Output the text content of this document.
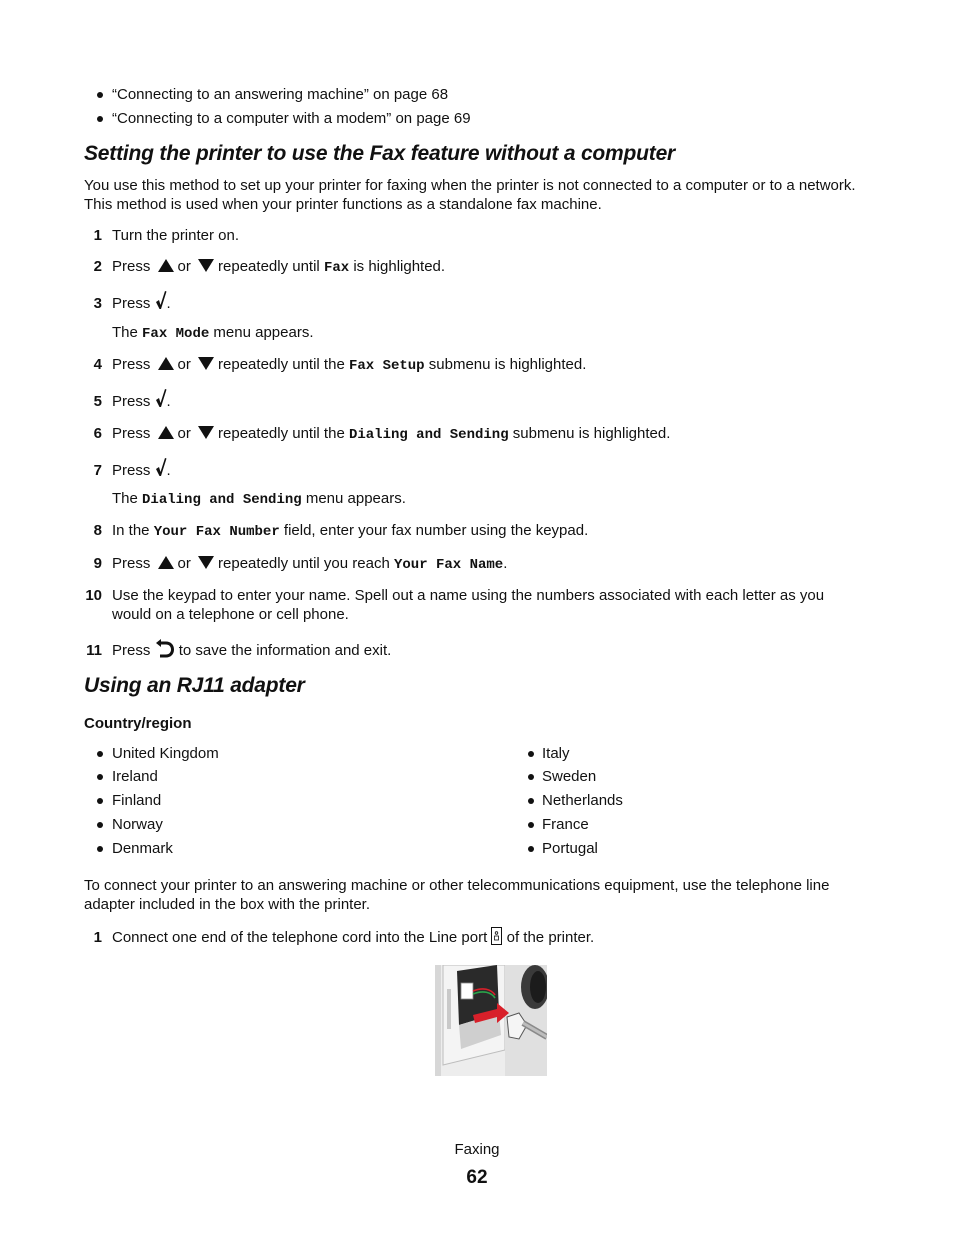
“Connecting to an answering machine” on page 68
“Connecting to a computer with a modem” on page 69
Setting the printer to use the Fax feature without a computer
You use this method to set up your printer for faxing when the printer is not connected to a computer or to a network.
This method is used when your printer functions as a standalone fax machine.
1 Turn the printer on.
2 Press or repeatedly until Fax is highlighted.
3 Press .
The Fax Mode menu appears.
4 Press or repeatedly until the Fax Setup submenu is highlighted.
5 Press .
6 Press or repeatedly until the Dialing and Sending submenu is highlighted.
7 Press .
The Dialing and Sending menu appears.
8 In the Your Fax Number field, enter your fax number using the keypad.
9 Press or repeatedly until you reach Your Fax Name.
10 Use the keypad to enter your name. Spell out a name using the numbers associated with each letter as you
would on a telephone or cell phone.
11 Press to save the information and exit.
Using an RJ11 adapter
Country/region
United Kingdom
Ireland
Finland
Norway
Denmark
Italy
Sweden
Netherlands
France
Portugal
To connect your printer to an answering machine or other telecommunications equipment, use the telephone line
adapter included in the box with the printer.
1 Connect one end of the telephone cord into the Line port of the printer.
Faxing
62
